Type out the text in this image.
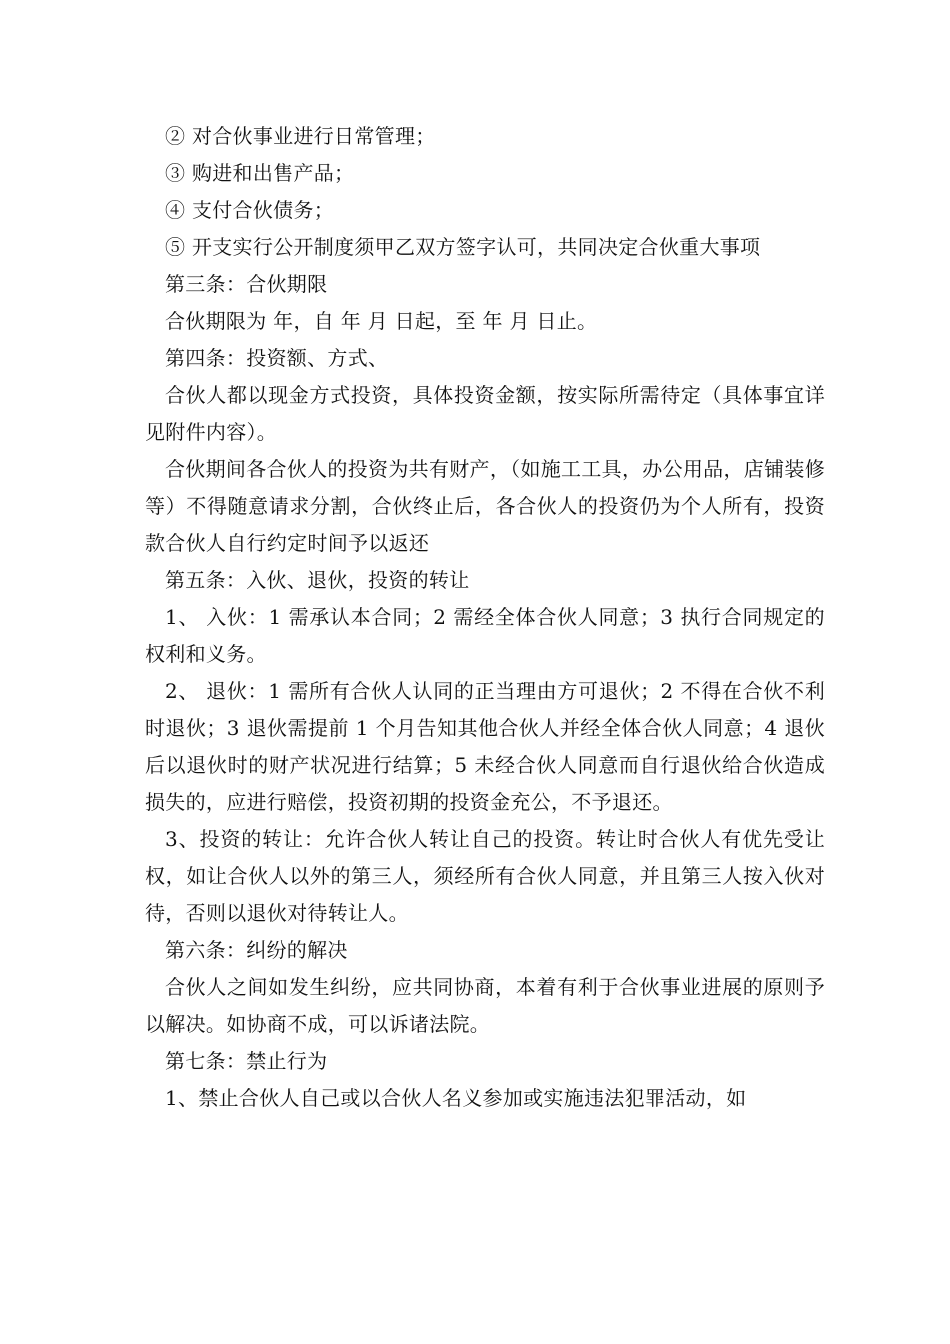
② 对合伙事业进行日常管理；

③ 购进和出售产品；

④ 支付合伙债务；

⑤ 开支实行公开制度须甲乙双方签字认可，共同决定合伙重大事项

第三条：合伙期限

合伙期限为 年，自 年 月 日起，至 年 月 日止。

第四条：投资额、方式、

合伙人都以现金方式投资，具体投资金额，按实际所需待定（具体事宜详见附件内容）。

合伙期间各合伙人的投资为共有财产，（如施工工具，办公用品，店铺装修等）不得随意请求分割，合伙终止后，各合伙人的投资仍为个人所有，投资款合伙人自行约定时间予以返还

第五条：入伙、退伙，投资的转让

1、 入伙：1 需承认本合同；2 需经全体合伙人同意；3 执行合同规定的权利和义务。

2、 退伙：1 需所有合伙人认同的正当理由方可退伙；2 不得在合伙不利时退伙；3 退伙需提前 1 个月告知其他合伙人并经全体合伙人同意；4 退伙后以退伙时的财产状况进行结算；5 未经合伙人同意而自行退伙给合伙造成损失的，应进行赔偿，投资初期的投资金充公，不予退还。

3、投资的转让：允许合伙人转让自己的投资。转让时合伙人有优先受让权，如让合伙人以外的第三人，须经所有合伙人同意，并且第三人按入伙对待，否则以退伙对待转让人。

第六条：纠纷的解决

合伙人之间如发生纠纷，应共同协商，本着有利于合伙事业进展的原则予以解决。如协商不成，可以诉诸法院。

第七条：禁止行为

1、禁止合伙人自己或以合伙人名义参加或实施违法犯罪活动，如
